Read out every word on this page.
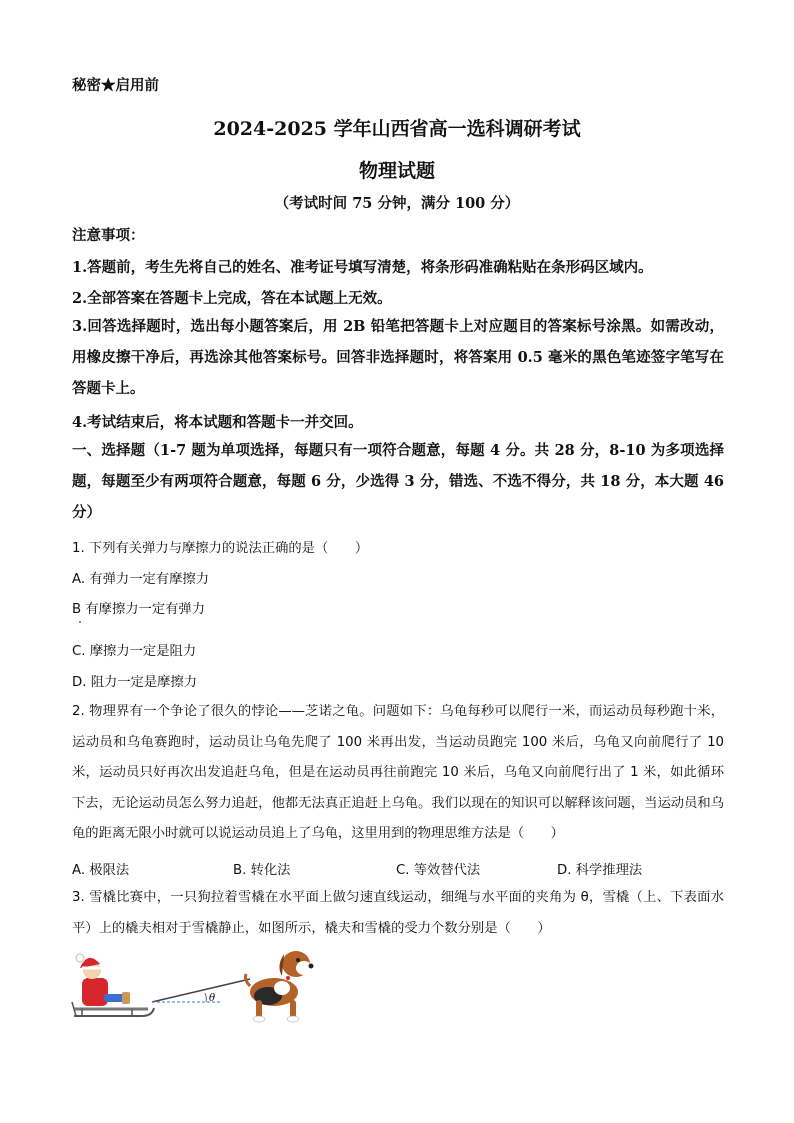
秘密★启用前
2024-2025 学年山西省高一选科调研考试
物理试题
（考试时间 75 分钟，满分 100 分）
注意事项：
1.答题前，考生先将自己的姓名、准考证号填写清楚，将条形码准确粘贴在条形码区域内。
2.全部答案在答题卡上完成，答在本试题上无效。
3.回答选择题时，选出每小题答案后，用 2B 铅笔把答题卡上对应题目的答案标号涂黑。如需改动，用橡皮擦干净后，再选涂其他答案标号。回答非选择题时，将答案用 0.5 毫米的黑色笔迹签字笔写在答题卡上。
4.考试结束后，将本试题和答题卡一并交回。
一、选择题（1-7 题为单项选择，每题只有一项符合题意，每题 4 分。共 28 分，8-10 为多项选择题，每题至少有两项符合题意，每题 6 分，少选得 3 分，错选、不选不得分，共 18 分，本大题 46 分）
1. 下列有关弹力与摩擦力的说法正确的是（　　）
A. 有弹力一定有摩擦力
B 有摩擦力一定有弹力
C. 摩擦力一定是阻力
D. 阻力一定是摩擦力
2. 物理界有一个争论了很久的悖论——芝诺之龟。问题如下：乌龟每秒可以爬行一米，而运动员每秒跑十米，运动员和乌龟赛跑时，运动员让乌龟先爬了 100 米再出发，当运动员跑完 100 米后，乌龟又向前爬行了 10 米，运动员只好再次出发追赶乌龟，但是在运动员再往前跑完 10 米后，乌龟又向前爬行出了 1 米，如此循环下去，无论运动员怎么努力追赶，他都无法真正追赶上乌龟。我们以现在的知识可以解释该问题，当运动员和乌龟的距离无限小时就可以说运动员追上了乌龟，这里用到的物理思维方法是（　　）
A. 极限法	B. 转化法	C. 等效替代法	D. 科学推理法
3. 雪橇比赛中，一只狗拉着雪橇在水平面上做匀速直线运动，细绳与水平面的夹角为 θ，雪橇（上、下表面水平）上的橇夫相对于雪橇静止，如图所示，橇夫和雪橇的受力个数分别是（　　）
θ
